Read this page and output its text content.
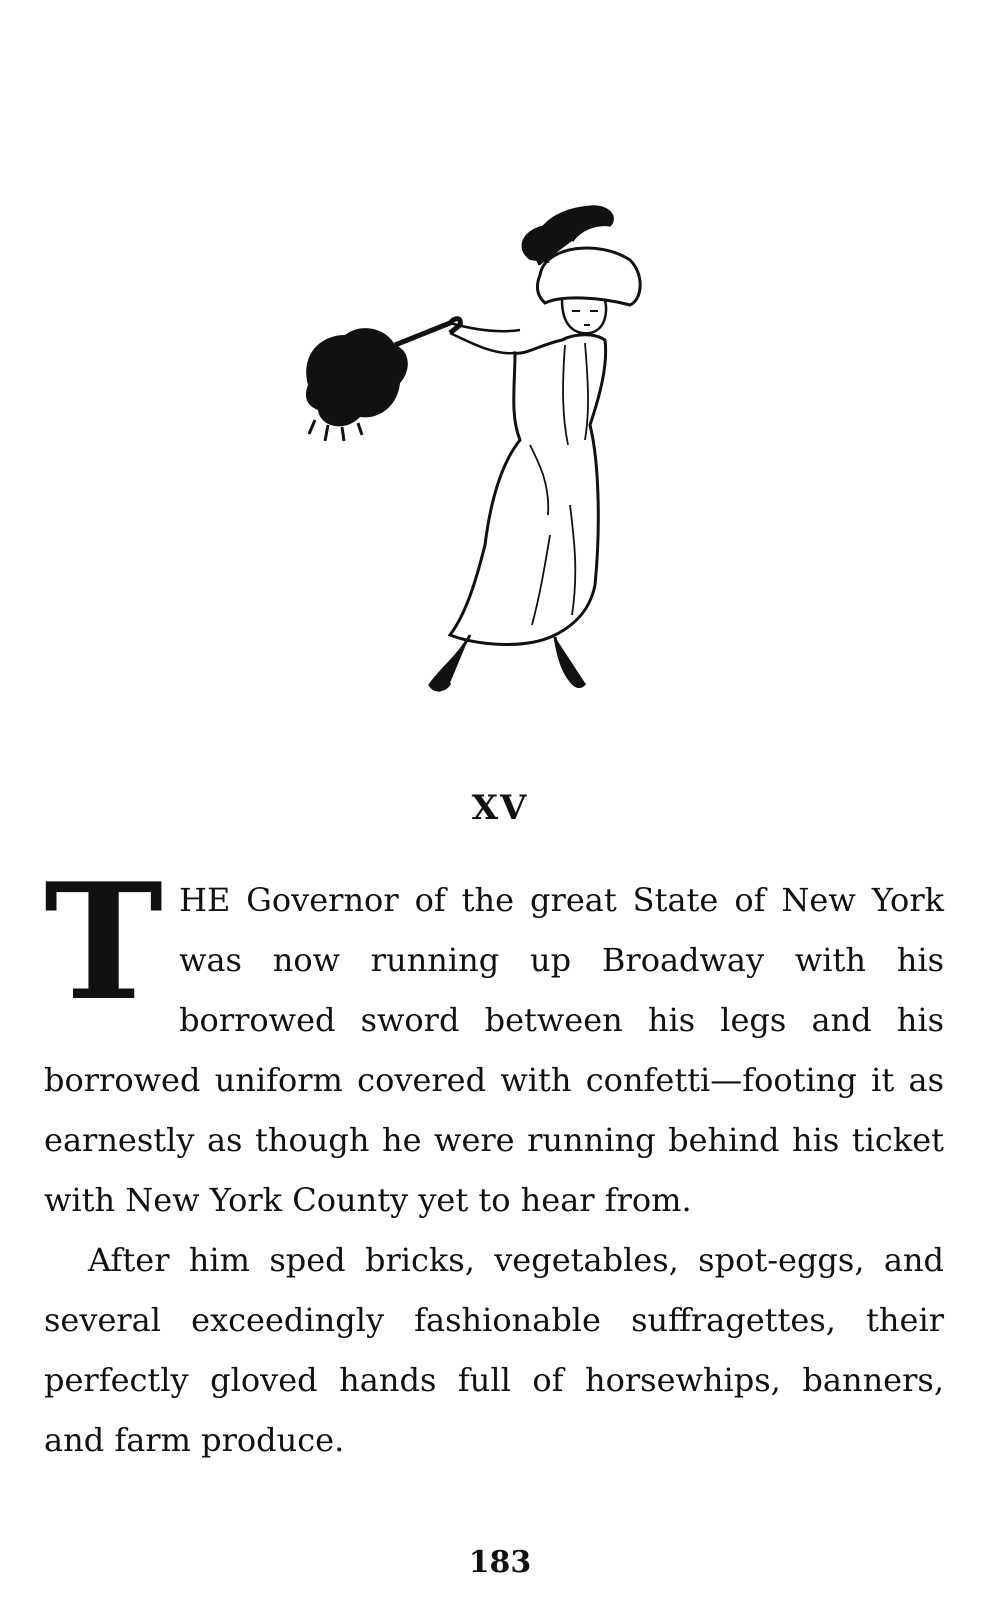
XV

THE Governor of the great State of New York was now running up Broadway with his borrowed sword between his legs and his borrowed uniform covered with confetti—footing it as earnestly as though he were running behind his ticket with New York County yet to hear from.

After him sped bricks, vegetables, spot-eggs, and several exceedingly fashionable suffragettes, their perfectly gloved hands full of horsewhips, banners, and farm produce.

183
